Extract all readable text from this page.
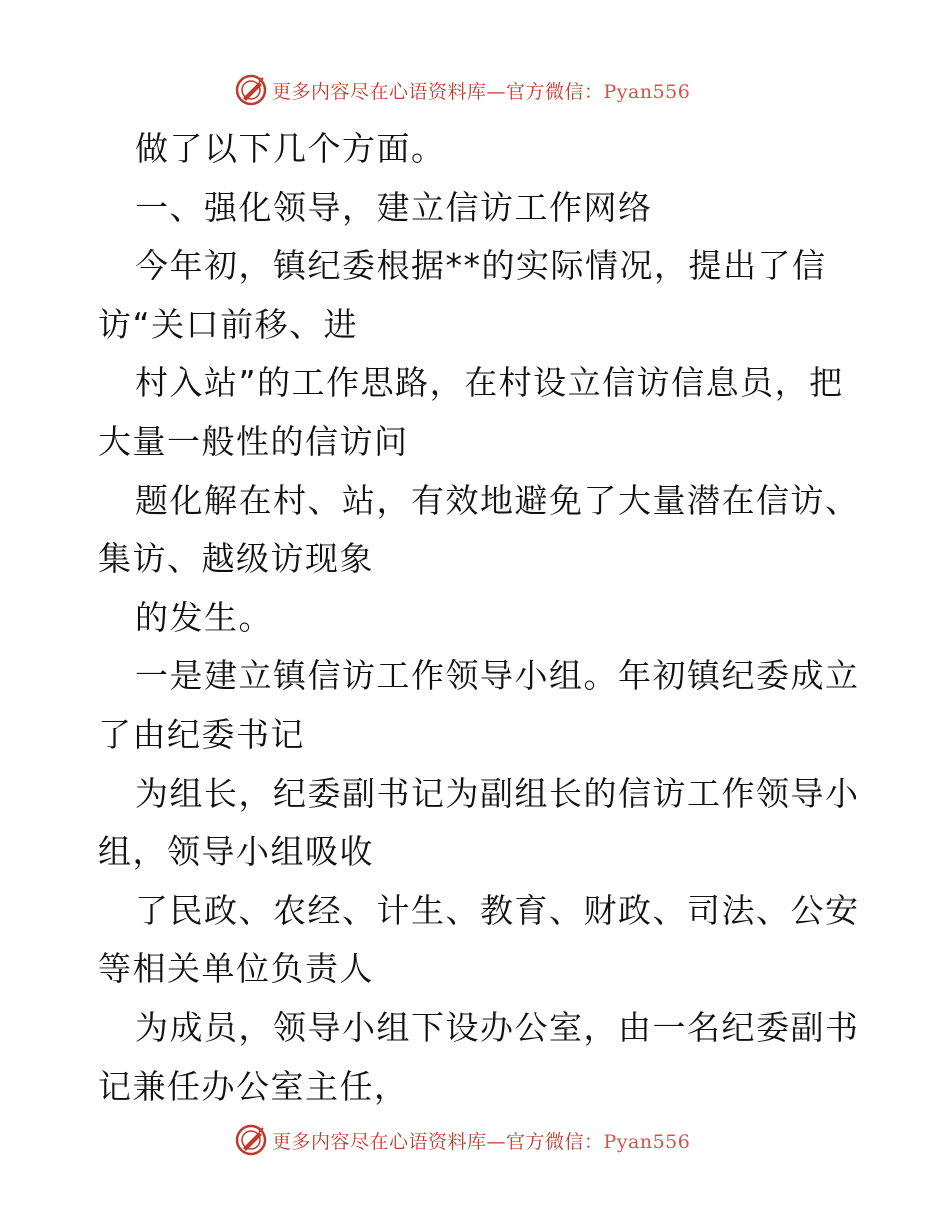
更多内容尽在心语资料库—官方微信：Pyan556
做了以下几个方面。
一、强化领导，建立信访工作网络
今年初，镇纪委根据**的实际情况，提出了信
访“关口前移、进
村入站”的工作思路，在村设立信访信息员，把
大量一般性的信访问
题化解在村、站，有效地避免了大量潜在信访、
集访、越级访现象
的发生。
一是建立镇信访工作领导小组。年初镇纪委成立
了由纪委书记
为组长，纪委副书记为副组长的信访工作领导小
组，领导小组吸收
了民政、农经、计生、教育、财政、司法、公安
等相关单位负责人
为成员，领导小组下设办公室，由一名纪委副书
记兼任办公室主任，
更多内容尽在心语资料库—官方微信：Pyan556
